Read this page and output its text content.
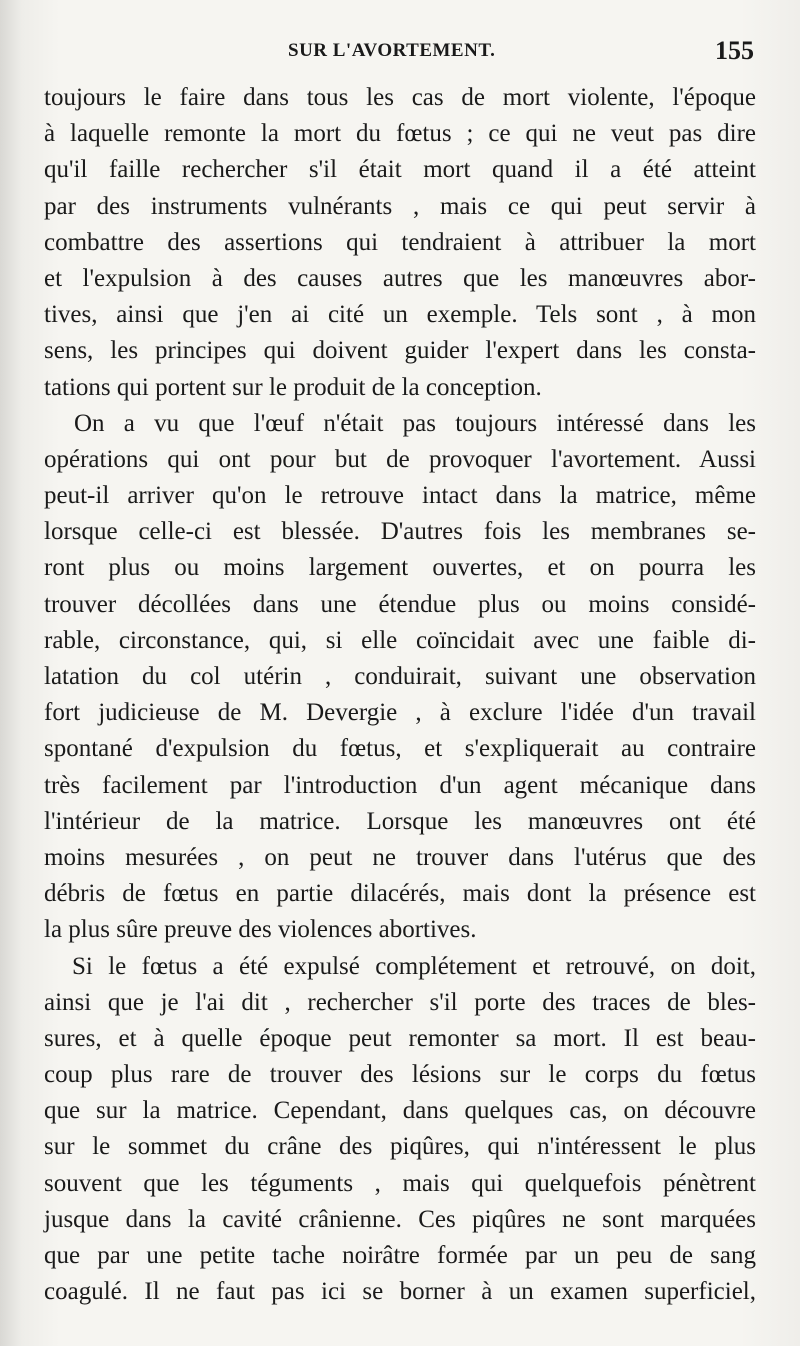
SUR L'AVORTEMENT.	155
toujours le faire dans tous les cas de mort violente, l'époque
à laquelle remonte la mort du fœtus ; ce qui ne veut pas dire
qu'il faille rechercher s'il était mort quand il a été atteint
par des instruments vulnérants , mais ce qui peut servir à
combattre des assertions qui tendraient à attribuer la mort
et l'expulsion à des causes autres que les manœuvres abor-
tives, ainsi que j'en ai cité un exemple. Tels sont , à mon
sens, les principes qui doivent guider l'expert dans les consta-
tations qui portent sur le produit de la conception.
On a vu que l'œuf n'était pas toujours intéressé dans les
opérations qui ont pour but de provoquer l'avortement. Aussi
peut-il arriver qu'on le retrouve intact dans la matrice, même
lorsque celle-ci est blessée. D'autres fois les membranes se-
ront plus ou moins largement ouvertes, et on pourra les
trouver décollées dans une étendue plus ou moins considé-
rable, circonstance, qui, si elle coïncidait avec une faible di-
latation du col utérin , conduirait, suivant une observation
fort judicieuse de M. Devergie , à exclure l'idée d'un travail
spontané d'expulsion du fœtus, et s'expliquerait au contraire
très facilement par l'introduction d'un agent mécanique dans
l'intérieur de la matrice. Lorsque les manœuvres ont été
moins mesurées , on peut ne trouver dans l'utérus que des
débris de fœtus en partie dilacérés, mais dont la présence est
la plus sûre preuve des violences abortives.
Si le fœtus a été expulsé complétement et retrouvé, on doit,
ainsi que je l'ai dit , rechercher s'il porte des traces de bles-
sures, et à quelle époque peut remonter sa mort. Il est beau-
coup plus rare de trouver des lésions sur le corps du fœtus
que sur la matrice. Cependant, dans quelques cas, on découvre
sur le sommet du crâne des piqûres, qui n'intéressent le plus
souvent que les téguments , mais qui quelquefois pénètrent
jusque dans la cavité crânienne. Ces piqûres ne sont marquées
que par une petite tache noirâtre formée par un peu de sang
coagulé. Il ne faut pas ici se borner à un examen superficiel,
